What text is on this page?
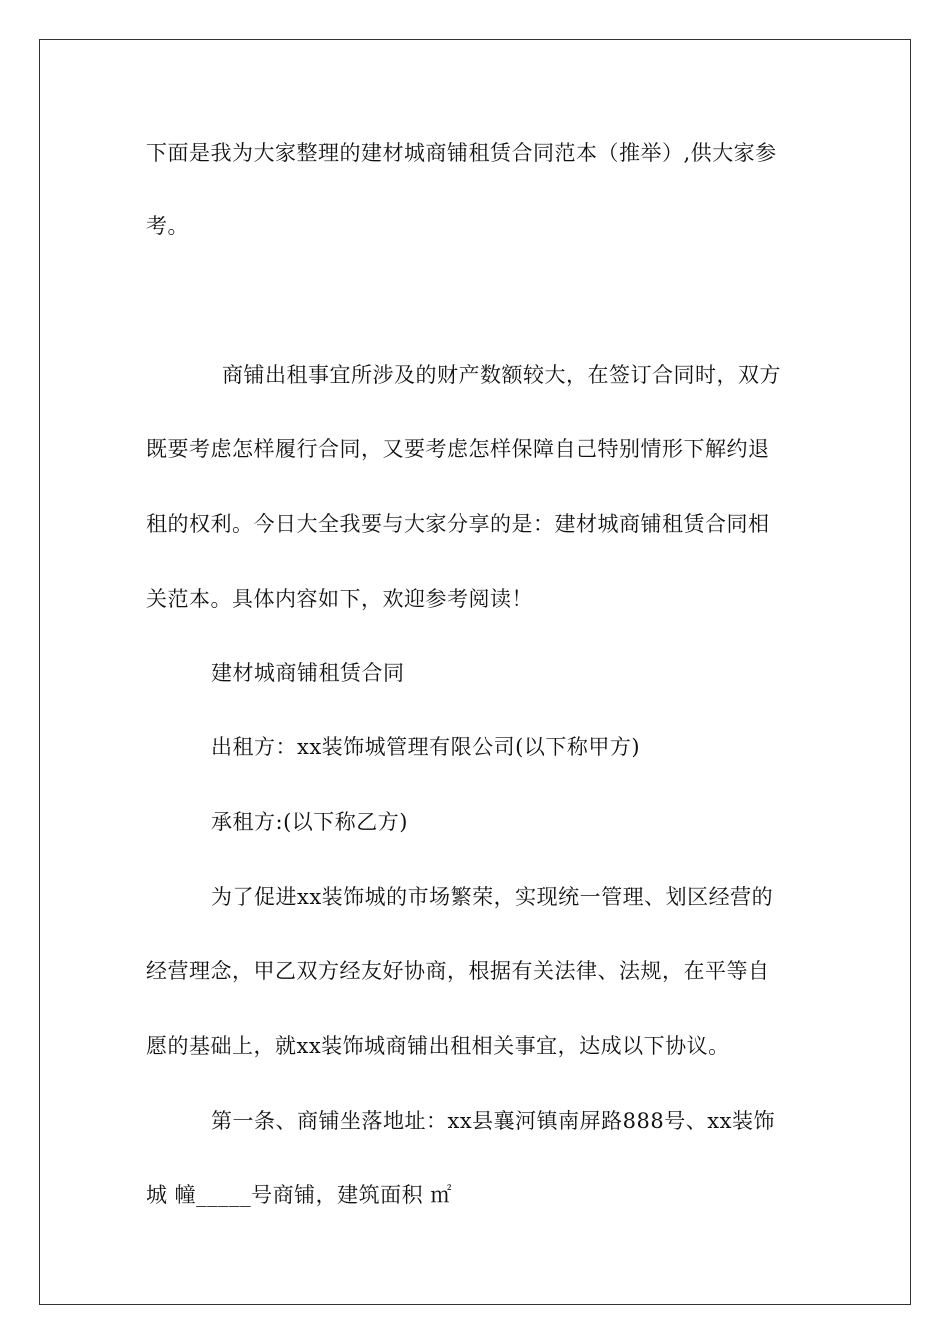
下面是我为大家整理的建材城商铺租赁合同范本（推举）,供大家参
考。
商铺出租事宜所涉及的财产数额较大，在签订合同时，双方
既要考虑怎样履行合同，又要考虑怎样保障自己特别情形下解约退
租的权利。今日大全我要与大家分享的是：建材城商铺租赁合同相
关范本。具体内容如下，欢迎参考阅读！
建材城商铺租赁合同
出租方：xx装饰城管理有限公司(以下称甲方)
承租方:(以下称乙方)
为了促进xx装饰城的市场繁荣，实现统一管理、划区经营的
经营理念，甲乙双方经友好协商，根据有关法律、法规，在平等自
愿的基础上，就xx装饰城商铺出租相关事宜，达成以下协议。
第一条、商铺坐落地址：xx县襄河镇南屏路888号、xx装饰
城 幢_____号商铺，建筑面积 ㎡
